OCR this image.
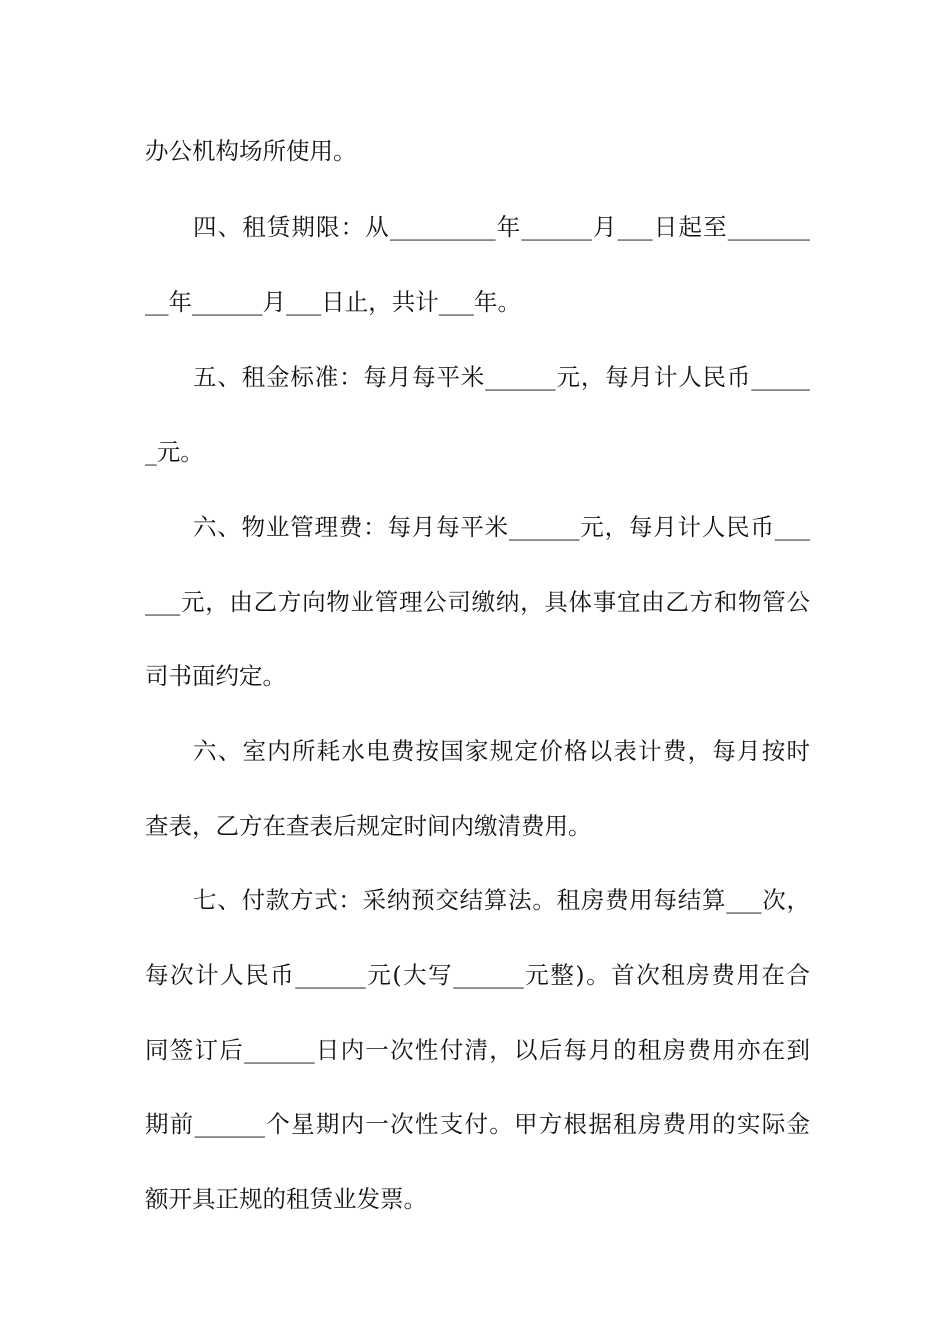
办公机构场所使用。
四、租赁期限：从_________年______月___日起至_______
__年______月___日止，共计___年。
五、租金标准：每月每平米______元，每月计人民币_____
_元。
六、物业管理费：每月每平米______元，每月计人民币___
___元，由乙方向物业管理公司缴纳，具体事宜由乙方和物管公
司书面约定。
六、室内所耗水电费按国家规定价格以表计费，每月按时
查表，乙方在查表后规定时间内缴清费用。
七、付款方式：采纳预交结算法。租房费用每结算___次，
每次计人民币______元(大写______元整)。首次租房费用在合
同签订后______日内一次性付清，以后每月的租房费用亦在到
期前______个星期内一次性支付。甲方根据租房费用的实际金
额开具正规的租赁业发票。
